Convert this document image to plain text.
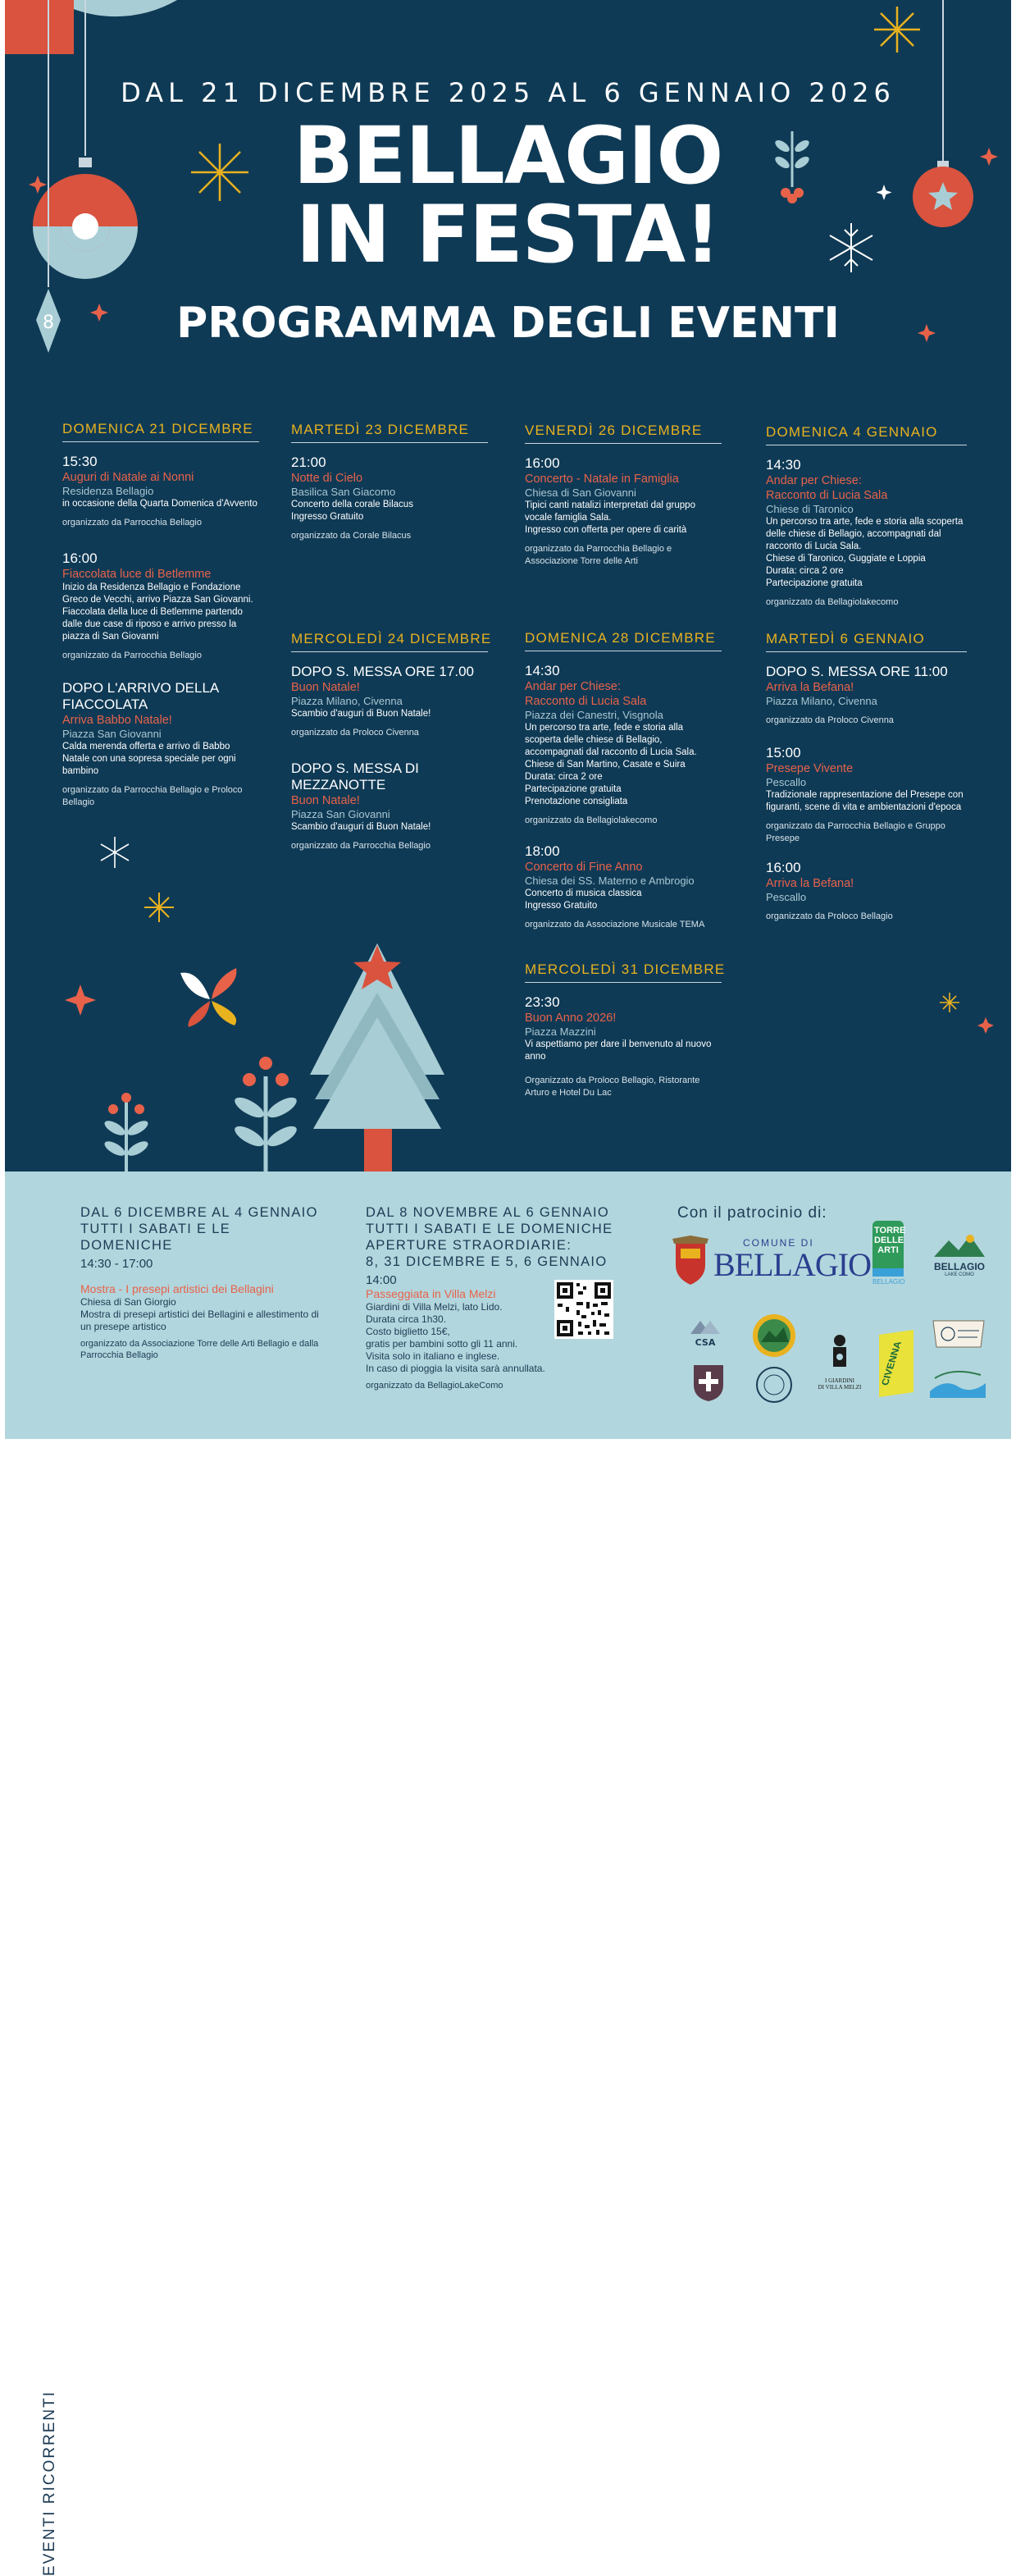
8
DAL 21 DICEMBRE 2025 AL 6 GENNAIO 2026
BELLAGIO
IN FESTA!
PROGRAMMA DEGLI EVENTI
DOMENICA 21 DICEMBRE
15:30
Auguri di Natale ai Nonni
Residenza Bellagio
in occasione della Quarta Domenica d'Avvento
organizzato da Parrocchia Bellagio
16:00
Fiaccolata luce di Betlemme
Inizio da Residenza Bellagio e Fondazione Greco de Vecchi, arrivo Piazza San Giovanni. Fiaccolata della luce di Betlemme partendo dalle due case di riposo e arrivo presso la piazza di San Giovanni
organizzato da Parrocchia Bellagio
DOPO L'ARRIVO DELLA FIACCOLATA
Arriva Babbo Natale!
Piazza San Giovanni
Calda merenda offerta e arrivo di Babbo Natale con una sopresa speciale per ogni bambino
organizzato da Parrocchia Bellagio e Proloco Bellagio
MARTEDÌ 23 DICEMBRE
21:00
Notte di Cielo
Basilica San Giacomo
Concerto della corale Bilacus
Ingresso Gratuito
organizzato da Corale Bilacus
MERCOLEDÌ 24 DICEMBRE
DOPO S. MESSA ORE 17.00
Buon Natale!
Piazza Milano, Civenna
Scambio d'auguri di Buon Natale!
organizzato da Proloco Civenna
DOPO S. MESSA DI MEZZANOTTE
Buon Natale!
Piazza San Giovanni
Scambio d'auguri di Buon Natale!
organizzato da Parrocchia Bellagio
VENERDÌ 26 DICEMBRE
16:00
Concerto - Natale in Famiglia
Chiesa di San Giovanni
Tipici canti natalizi interpretati dal gruppo vocale famiglia Sala.
Ingresso con offerta per opere di carità
organizzato da Parrocchia Bellagio e Associazione Torre delle Arti
DOMENICA 28 DICEMBRE
14:30
Andar per Chiese:
Racconto di Lucia Sala
Piazza dei Canestri, Visgnola
Un percorso tra arte, fede e storia alla scoperta delle chiese di Bellagio, accompagnati dal racconto di Lucia Sala.
Chiese di San Martino, Casate e Suira
Durata: circa 2 ore
Partecipazione gratuita
Prenotazione consigliata
organizzato da Bellagiolakecomo
18:00
Concerto di Fine Anno
Chiesa dei SS. Materno e Ambrogio
Concerto di musica classica
Ingresso Gratuito
organizzato da Associazione Musicale TEMA
MERCOLEDÌ 31 DICEMBRE
23:30
Buon Anno 2026!
Piazza Mazzini
Vi aspettiamo per dare il benvenuto al nuovo anno
Organizzato da Proloco Bellagio, Ristorante Arturo e Hotel Du Lac
DOMENICA 4 GENNAIO
14:30
Andar per Chiese:
Racconto di Lucia Sala
Chiese di Taronico
Un percorso tra arte, fede e storia alla scoperta delle chiese di Bellagio, accompagnati dal racconto di Lucia Sala.
Chiese di Taronico, Guggiate e Loppia
Durata: circa 2 ore
Partecipazione gratuita
organizzato da Bellagiolakecomo
MARTEDÌ 6 GENNAIO
DOPO S. MESSA ORE 11:00
Arriva la Befana!
Piazza Milano, Civenna
organizzato da Proloco Civenna
15:00
Presepe Vivente
Pescallo
Tradizionale rappresentazione del Presepe con figuranti, scene di vita e ambientazioni d'epoca
organizzato da Parrocchia Bellagio e Gruppo Presepe
16:00
Arriva la Befana!
Pescallo
organizzato da Proloco Bellagio
EVENTI RICORRENTI
DAL 6 DICEMBRE AL 4 GENNAIO
TUTTI I SABATI E LE DOMENICHE
14:30 - 17:00
Mostra - I presepi artistici dei Bellagini
Chiesa di San Giorgio
Mostra di presepi artistici dei Bellagini e allestimento di un presepe artistico
organizzato da Associazione Torre delle Arti Bellagio e dalla Parrocchia Bellagio
DAL 8 NOVEMBRE AL 6 GENNAIO
TUTTI I SABATI E LE DOMENICHE
APERTURE STRAORDIARIE:
8, 31 DICEMBRE E 5, 6 GENNAIO
14:00
Passeggiata in Villa Melzi
Giardini di Villa Melzi, lato Lido.
Durata circa 1h30.
Costo biglietto 15€,
gratis per bambini sotto gli 11 anni.
Visita solo in italiano e inglese.
In caso di pioggia la visita sarà annullata.
organizzato da BellagioLakeComo
Con il patrocinio di:
COMUNE DI
BELLAGIO
TORRE
DELLE
ARTI
BELLAGIO
BELLAGIO
LAKE COMO
CSA
I GIARDINI
DI VILLA MELZI
CIVENNA
